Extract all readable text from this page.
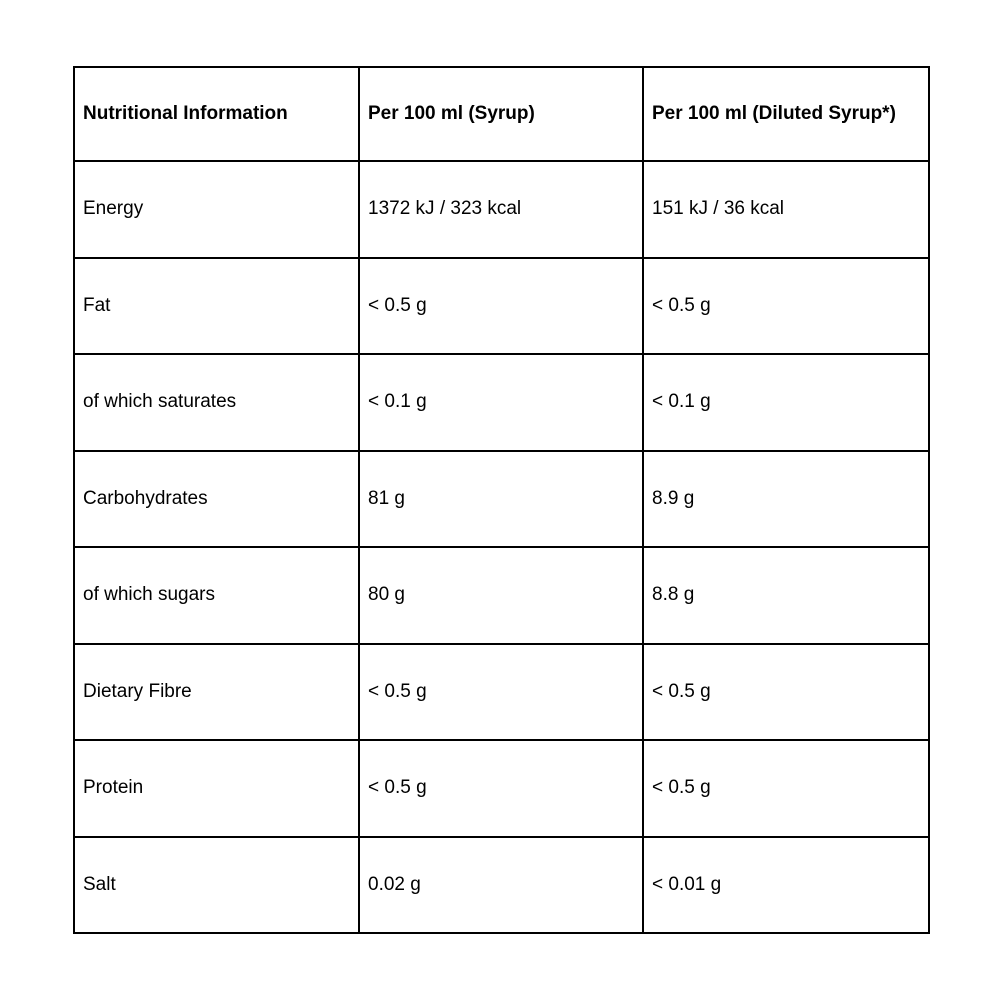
Nutritional Information	Per 100 ml (Syrup)	Per 100 ml (Diluted Syrup*)
Energy	1372 kJ / 323 kcal	151 kJ / 36 kcal
Fat	< 0.5 g	< 0.5 g
of which saturates	< 0.1 g	< 0.1 g
Carbohydrates	81 g	8.9 g
of which sugars	80 g	8.8 g
Dietary Fibre	< 0.5 g	< 0.5 g
Protein	< 0.5 g	< 0.5 g
Salt	0.02 g	< 0.01 g
